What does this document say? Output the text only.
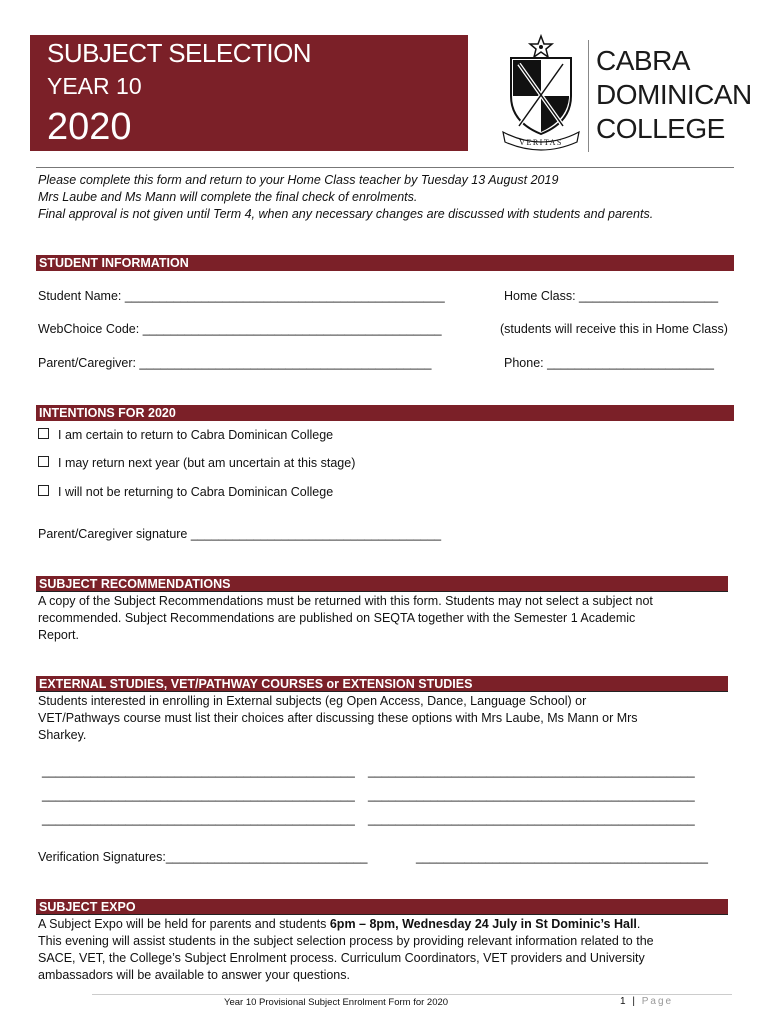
SUBJECT SELECTION
YEAR 10
2020	VERITAS
CABRA
DOMINICAN
COLLEGE
Please complete this form and return to your Home Class teacher by Tuesday 13 August 2019
Mrs Laube and Ms Mann will complete the final check of enrolments.
Final approval is not given until Term 4, when any necessary changes are discussed with students and parents.
STUDENT INFORMATION
Student Name: ______________________________________________	Home Class: ____________________
WebChoice Code: ___________________________________________	(students will receive this in Home Class)
Parent/Caregiver: __________________________________________	Phone: ________________________
INTENTIONS FOR 2020
I am certain to return to Cabra Dominican College
I may return next year (but am uncertain at this stage)
I will not be returning to Cabra Dominican College
Parent/Caregiver signature ____________________________________
SUBJECT RECOMMENDATIONS
A copy of the Subject Recommendations must be returned with this form. Students may not select a subject not
recommended. Subject Recommendations are published on SEQTA together with the Semester 1 Academic
Report.
EXTERNAL STUDIES, VET/PATHWAY COURSES or EXTENSION STUDIES
Students interested in enrolling in External subjects (eg Open Access, Dance, Language School) or
VET/Pathways course must list their choices after discussing these options with Mrs Laube, Ms Mann or Mrs
Sharkey.
_____________________________________________ _______________________________________________
_____________________________________________ _______________________________________________
_____________________________________________ _______________________________________________
Verification Signatures:_____________________________	__________________________________________
SUBJECT EXPO
A Subject Expo will be held for parents and students 6pm – 8pm, Wednesday 24 July in St Dominic’s Hall.
This evening will assist students in the subject selection process by providing relevant information related to the
SACE, VET, the College’s Subject Enrolment process. Curriculum Coordinators, VET providers and University
ambassadors will be available to answer your questions.
Year 10 Provisional Subject Enrolment Form for 2020	1 | Page
